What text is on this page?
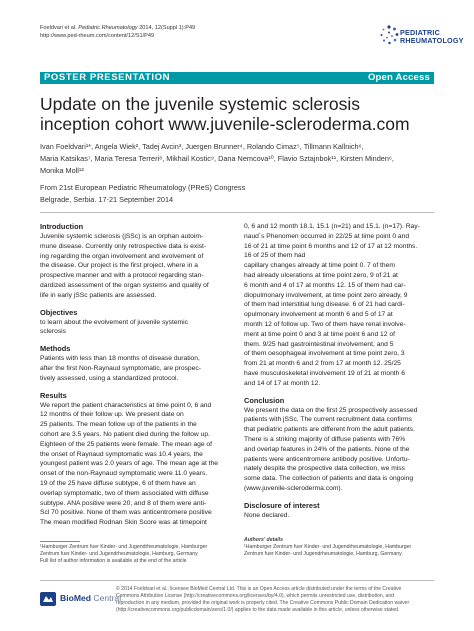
Foeldvari et al. Pediatric Rheumatology 2014, 12(Suppl 1):P49
http://www.ped-rheum.com/content/12/S1/P49	PEDIATRIC
RHEUMATOLOGY
POSTER PRESENTATION	Open Access
Update on the juvenile systemic sclerosis
inception cohort www.juvenile-scleroderma.com
Ivan Foeldvari¹*, Angela Wiek², Tadej Avcin³, Juergen Brunner⁴, Rolando Cimaz⁵, Tillmann Kallnich⁶,
Maria Katsikas⁷, Maria Teresa Terreri⁸, Mikhail Kostic⁹, Dana Nemcova¹⁰, Flavio Sztajnbok¹¹, Kirsten Minden⁶,
Monika Moll¹²
From 21st European Pediatric Rheumatology (PReS) Congress
Belgrade, Serbia. 17-21 September 2014
Introduction

Juvenile systemic sclerosis (jSSc) is an orphan autoim-
mune disease. Currently only retrospective data is exist-
ing regarding the organ involvement and evolvement of
the disease. Our project is the first project, where in a
prospective manner and with a protocol regarding stan-
dardized assessment of the organ systems and quality of
life in early jSSc patients are assessed.

Objectives

to learn about the evolvement of juvenile systemic
sclerosis

Methods

Patients with less than 18 months of disease duration,
after the first Non-Raynaud symptomatic, are prospec-
tively assessed, using a standardized protocol.

Results

We report the patient characteristics at time point 0, 6 and
12 months of their follow up. We present date on
25 patients. The mean follow up of the patients in the
cohort are 3.5 years. No patient died during the follow up.
Eighteen of the 25 patients were female. The mean age of
the onset of Raynaud symptomatic was 10.4 years, the
youngest patient was 2.0 years of age. The mean age at the
onset of the non-Raynaud symptomatic were 11.0 years.
19 of the 25 have diffuse subtype, 6 of them have an
overlap symptomatic, two of them associated with diffuse
subtype. ANA positive were 20, and 8 of them were anti-
Scl 70 positive. None of them was anticentromere positive
The mean modified Rodnan Skin Score was at timepoint

0, 6 and 12 month 18.1, 15.1 (n=21) and 15.1. (n=17). Ray-
naud´s Phenomen occurred in 22/25 at time point 0 and
16 of 21 at time point 6 months and 12 of 17 at 12 months.
16 of 25 of them had
capillary changes already at time point 0. 7 of them
had already ulcerations at time point zero, 9 of 21 at
6 month and 4 of 17 at months 12. 15 of them had car-
diopulmonary involvement, at time point zero already, 9
of them had interstitial lung disease. 6 of 21 had cardi-
opulmonary involvement at month 6 and 5 of 17 at
month 12 of follow up. Two of them have renal involve-
ment at time point 0 and 3 at time point 6 and 12 of
them. 9/25 had gastrointestinal involvement, and 5
of them oesophageal involvement at time point zero, 3
from 21 at month 6 and 2 from 17 at month 12. 25/25
have musculoskeletal involvement 19 of 21 at month 6
and 14 of 17 at month 12.

Conclusion

We present the data on the first 25 prospectively assessed
patients with jSSc. The current recruitment data confirms
that pediatric patients are different from the adult patients.
There is a striking majority of diffuse patients with 76%
and overlap features in 24% of the patients. None of the
patients were anticentromere antibody positive. Unfortu-
nately despite the prospective data collection, we miss
some data. The collection of patients and data is ongoing
(www.juvenile-scleroderma.com).

Disclosure of interest

None declared.

¹Hamburger Zentrum fuer Kinder- und Jugendrheumatologie, Hamburger
Zentrum fuer Kinder- und Jugendrheumatologie, Hamburg, Germany
Full list of author information is available at the end of the article
Authors' details
¹Hamburger Zentrum fuer Kinder- und Jugendrheumatologie, Hamburger
Zentrum fuer Kinder- und Jugendrheumatologie, Hamburg, Germany.
BioMed Central
© 2014 Foeldvari et al.; licensee BioMed Central Ltd. This is an Open Access article distributed under the terms of the Creative
Commons Attribution License (http://creativecommons.org/licenses/by/4.0), which permits unrestricted use, distribution, and
reproduction in any medium, provided the original work is properly cited. The Creative Commons Public Domain Dedication waiver
(http://creativecommons.org/publicdomain/zero/1.0/) applies to the data made available in this article, unless otherwise stated.
